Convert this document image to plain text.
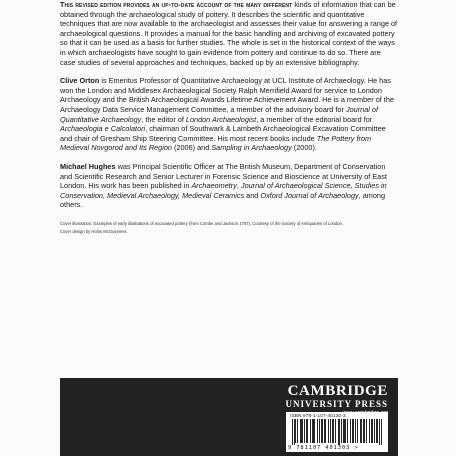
This revised edition provides an up-to-date account of the many different kinds of information that can be obtained through the archaeological study of pottery. It describes the scientific and quantitative techniques that are now available to the archaeologist and assesses their value for answering a range of archaeological questions. It provides a manual for the basic handling and archiving of excavated pottery so that it can be used as a basis for further studies. The whole is set in the historical context of the ways in which archaeologists have sought to gain evidence from pottery and continue to do so. There are case studies of several approaches and techniques, backed up by an extensive bibliography.

Clive Orton is Emeritus Professor of Quantitative Archaeology at UCL Institute of Archaeology. He has won the London and Middlesex Archaeological Society Ralph Merrifield Award for service to London Archaeology and the British Archaeological Awards Lifetime Achievement Award. He is a member of the Archaeology Data Service Management Committee, a member of the advisory board for Journal of Quantitative Archaeology, the editor of London Archaeologist, a member of the editorial board for Archaeologia e Calcolatori, chairman of Southwark & Lambeth Archaeological Excavation Committee and chair of Gresham Ship Steering Committee. His most recent books include The Pottery from Medieval Novgorod and Its Region (2006) and Sampling in Archaeology (2000).

Michael Hughes was Principal Scientific Officer at The British Museum, Department of Conservation and Scientific Research and Senior Lecturer in Forensic Science and Bioscience at University of East London. His work has been published in Archaeometry, Journal of Archaeological Science, Studies in Conservation, Medieval Archaeology, Medieval Ceramics and Oxford Journal of Archaeology, among others.

Cover illustration: Examples of early illustrations of excavated pottery (from Combe and Jackson 1787). Courtesy of the Society of Antiquaries of London.

Cover design by Holns McGuinness

CAMBRIDGE
UNIVERSITY PRESS
ISBN 978-1-107-40130-3
9 781107 401303 >
